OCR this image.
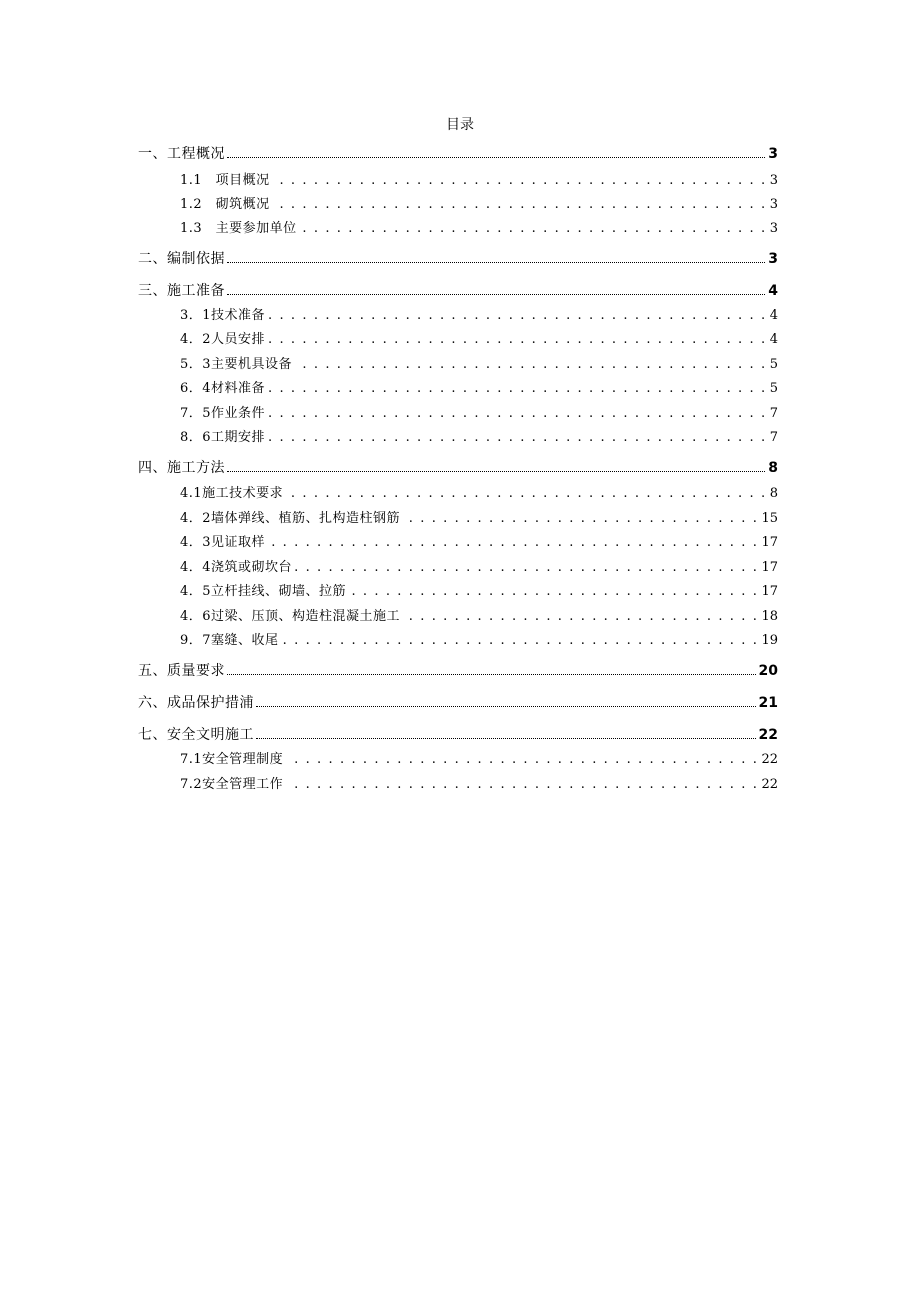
目录
一、工程概况	3
1.1　项目概况 . . .	3
1.2　砌筑概况 . . .	3
1.3　主要参加单位 . . .	3
二、编制依据	3
三、施工准备	4
3．1技术准备 . . .	4
4．2人员安排 . . .	4
5．3主要机具设备 . . .	5
6．4材料准备 . . .	5
7．5作业条件 . . .	7
8．6工期安排 . . .	7
四、施工方法	8
4.1施工技术要求 . . .	8
4．2墙体弹线、植筋、扎构造柱钢筋 . . .	15
4．3见证取样 . . .	17
4．4浇筑或砌坎台 . . .	17
4．5立杆挂线、砌墙、拉筋 . . .	17
4．6过梁、压顶、构造柱混凝土施工 . . .	18
9．7塞缝、收尾 . . .	19
五、质量要求	20
六、成品保护措浦	21
七、安全文明施工	22
7.1安全管理制度 . . .	22
7.2安全管理工作 . . .	22
